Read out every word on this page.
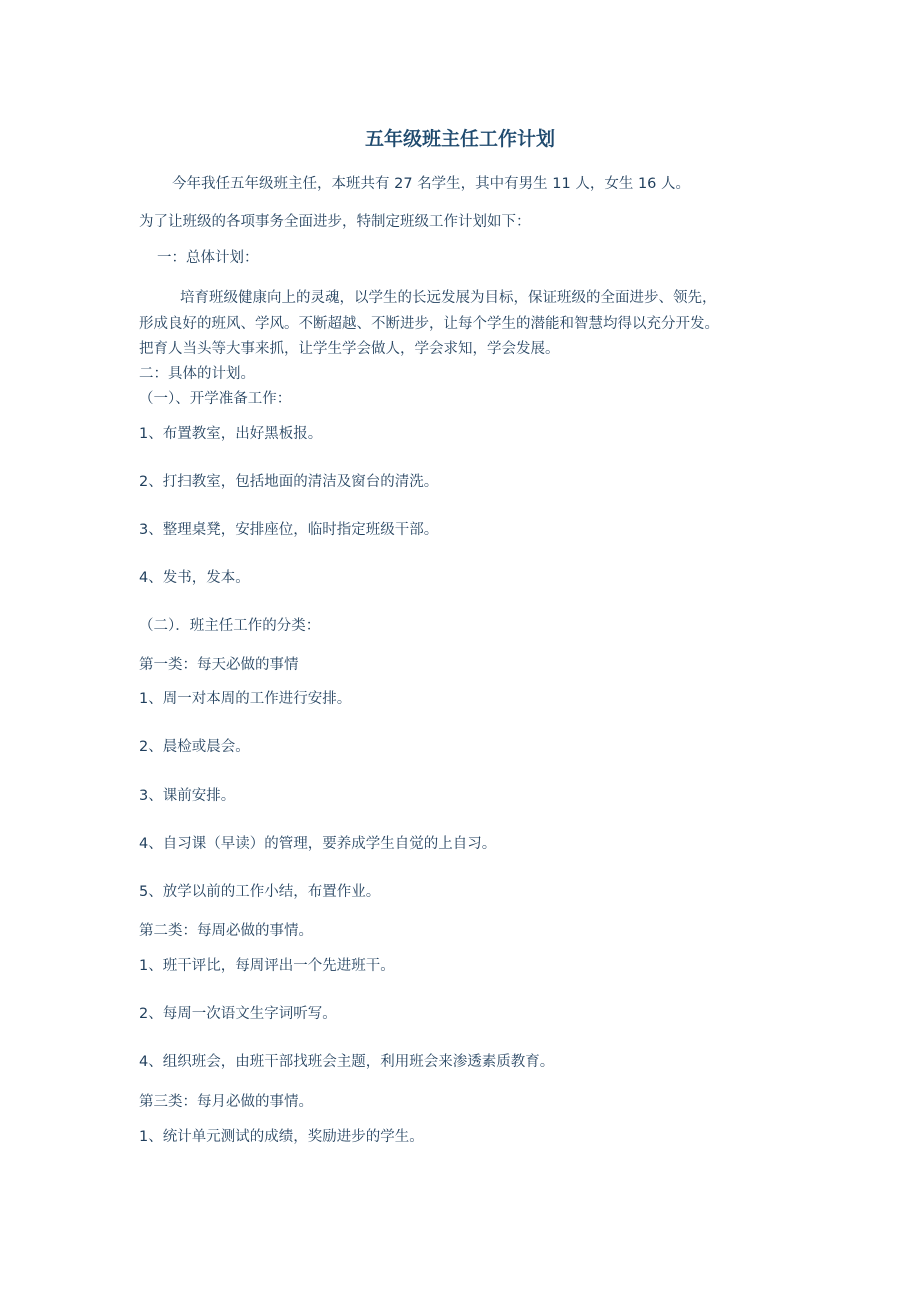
五年级班主任工作计划
今年我任五年级班主任，本班共有 27 名学生，其中有男生 11 人，女生 16 人。
为了让班级的各项事务全面进步，特制定班级工作计划如下：
一：总体计划：
培育班级健康向上的灵魂，以学生的长远发展为目标，保证班级的全面进步、领先，
形成良好的班风、学风。不断超越、不断进步，让每个学生的潜能和智慧均得以充分开发。
把育人当头等大事来抓，让学生学会做人，学会求知，学会发展。
二：具体的计划。
（一）、开学准备工作：
1、布置教室，出好黑板报。
2、打扫教室，包括地面的清洁及窗台的清洗。
3、整理桌凳，安排座位，临时指定班级干部。
4、发书，发本。
（二）．班主任工作的分类：
第一类：每天必做的事情
1、周一对本周的工作进行安排。
2、晨检或晨会。
3、课前安排。
4、自习课（早读）的管理，要养成学生自觉的上自习。
5、放学以前的工作小结，布置作业。
第二类：每周必做的事情。
1、班干评比，每周评出一个先进班干。
2、每周一次语文生字词听写。
4、组织班会，由班干部找班会主题，利用班会来渗透素质教育。
第三类：每月必做的事情。
1、统计单元测试的成绩，奖励进步的学生。
